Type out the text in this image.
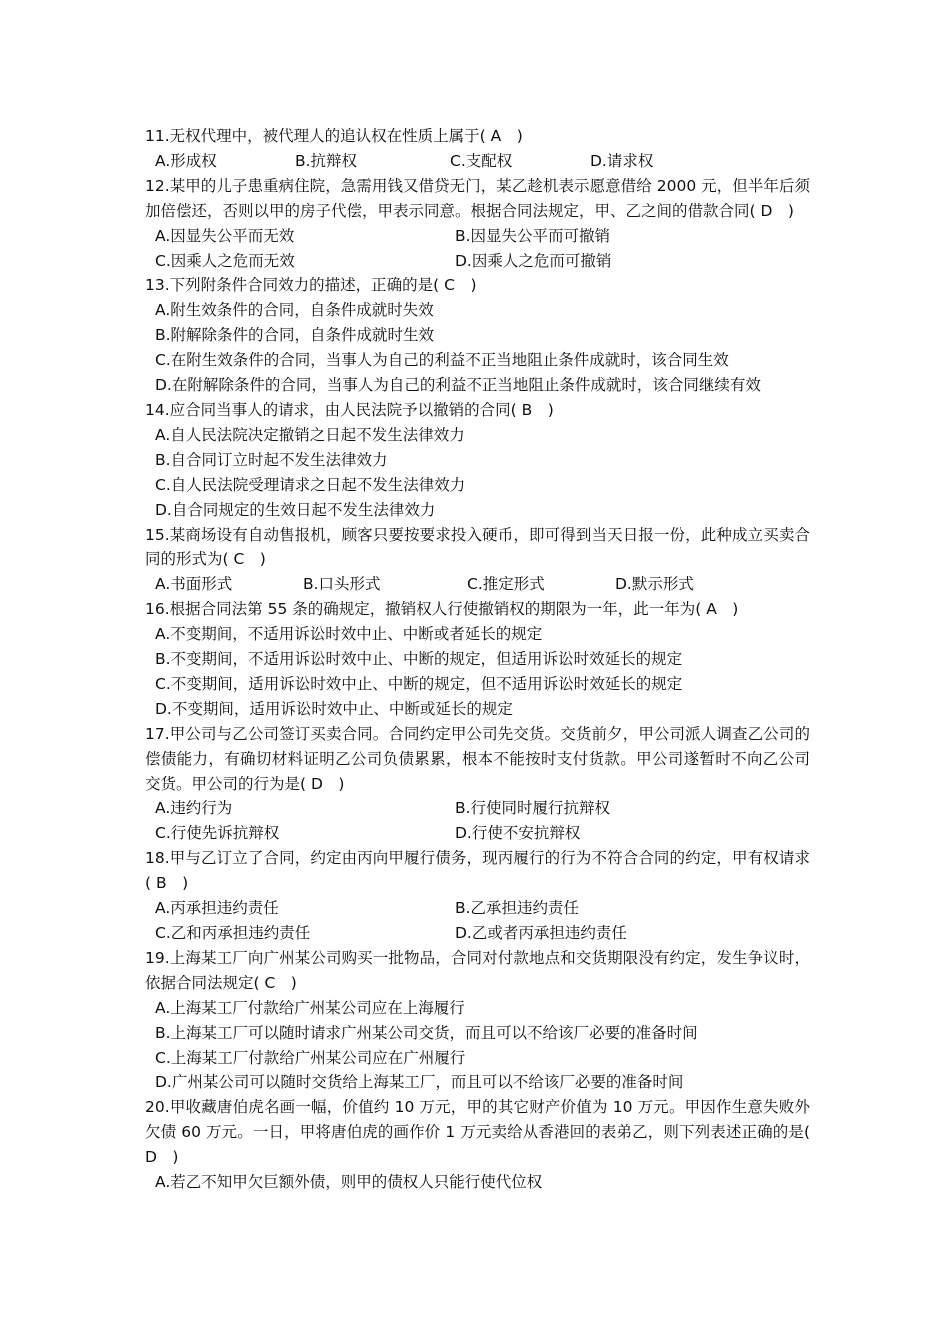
11.无权代理中，被代理人的追认权在性质上属于( A　)
A.形成权	B.抗辩权	C.支配权	D.请求权
12.某甲的儿子患重病住院，急需用钱又借贷无门，某乙趁机表示愿意借给 2000 元，但半年后须加倍偿还，否则以甲的房子代偿，甲表示同意。根据合同法规定，甲、乙之间的借款合同( D　)
A.因显失公平而无效	B.因显失公平而可撤销
C.因乘人之危而无效	D.因乘人之危而可撤销
13.下列附条件合同效力的描述，正确的是( C　)
A.附生效条件的合同，自条件成就时失效
B.附解除条件的合同，自条件成就时生效
C.在附生效条件的合同，当事人为自己的利益不正当地阻止条件成就时，该合同生效
D.在附解除条件的合同，当事人为自己的利益不正当地阻止条件成就时，该合同继续有效
14.应合同当事人的请求，由人民法院予以撤销的合同( B　)
A.自人民法院决定撤销之日起不发生法律效力
B.自合同订立时起不发生法律效力
C.自人民法院受理请求之日起不发生法律效力
D.自合同规定的生效日起不发生法律效力
15.某商场设有自动售报机，顾客只要按要求投入硬币，即可得到当天日报一份，此种成立买卖合同的形式为( C　)
A.书面形式	B.口头形式	C.推定形式	D.默示形式
16.根据合同法第 55 条的确规定，撤销权人行使撤销权的期限为一年，此一年为( A　)
A.不变期间，不适用诉讼时效中止、中断或者延长的规定
B.不变期间，不适用诉讼时效中止、中断的规定，但适用诉讼时效延长的规定
C.不变期间，适用诉讼时效中止、中断的规定，但不适用诉讼时效延长的规定
D.不变期间，适用诉讼时效中止、中断或延长的规定
17.甲公司与乙公司签订买卖合同。合同约定甲公司先交货。交货前夕，甲公司派人调查乙公司的偿债能力，有确切材料证明乙公司负债累累，根本不能按时支付货款。甲公司遂暂时不向乙公司交货。甲公司的行为是( D　)
A.违约行为	B.行使同时履行抗辩权
C.行使先诉抗辩权	D.行使不安抗辩权
18.甲与乙订立了合同，约定由丙向甲履行债务，现丙履行的行为不符合合同的约定，甲有权请求( B　)
A.丙承担违约责任	B.乙承担违约责任
C.乙和丙承担违约责任	D.乙或者丙承担违约责任
19.上海某工厂向广州某公司购买一批物品，合同对付款地点和交货期限没有约定，发生争议时，依据合同法规定( C　)
A.上海某工厂付款给广州某公司应在上海履行
B.上海某工厂可以随时请求广州某公司交货，而且可以不给该厂必要的准备时间
C.上海某工厂付款给广州某公司应在广州履行
D.广州某公司可以随时交货给上海某工厂，而且可以不给该厂必要的准备时间
20.甲收藏唐伯虎名画一幅，价值约 10 万元，甲的其它财产价值为 10 万元。甲因作生意失败外欠债 60 万元。一日，甲将唐伯虎的画作价 1 万元卖给从香港回的表弟乙，则下列表述正确的是( D　)
A.若乙不知甲欠巨额外债，则甲的债权人只能行使代位权
